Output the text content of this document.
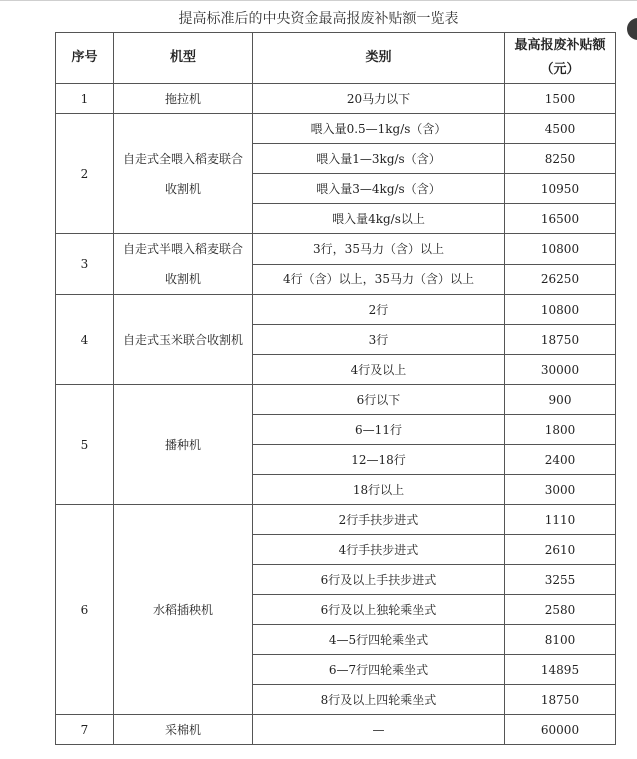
提高标准后的中央资金最高报废补贴额一览表
序号	机型	类别	最高报废补贴额（元）
1	拖拉机	20马力以下	1500
2	自走式全喂入稻麦联合收割机	喂入量0.5—1kg/s（含）	4500
		喂入量1—3kg/s（含）	8250
		喂入量3—4kg/s（含）	10950
		喂入量4kg/s以上	16500
3	自走式半喂入稻麦联合收割机	3行，35马力（含）以上	10800
		4行（含）以上，35马力（含）以上	26250
4	自走式玉米联合收割机	2行	10800
		3行	18750
		4行及以上	30000
5	播种机	6行以下	900
		6—11行	1800
		12—18行	2400
		18行以上	3000
6	水稻插秧机	2行手扶步进式	1110
		4行手扶步进式	2610
		6行及以上手扶步进式	3255
		6行及以上独轮乘坐式	2580
		4—5行四轮乘坐式	8100
		6—7行四轮乘坐式	14895
		8行及以上四轮乘坐式	18750
7	采棉机	—	60000
